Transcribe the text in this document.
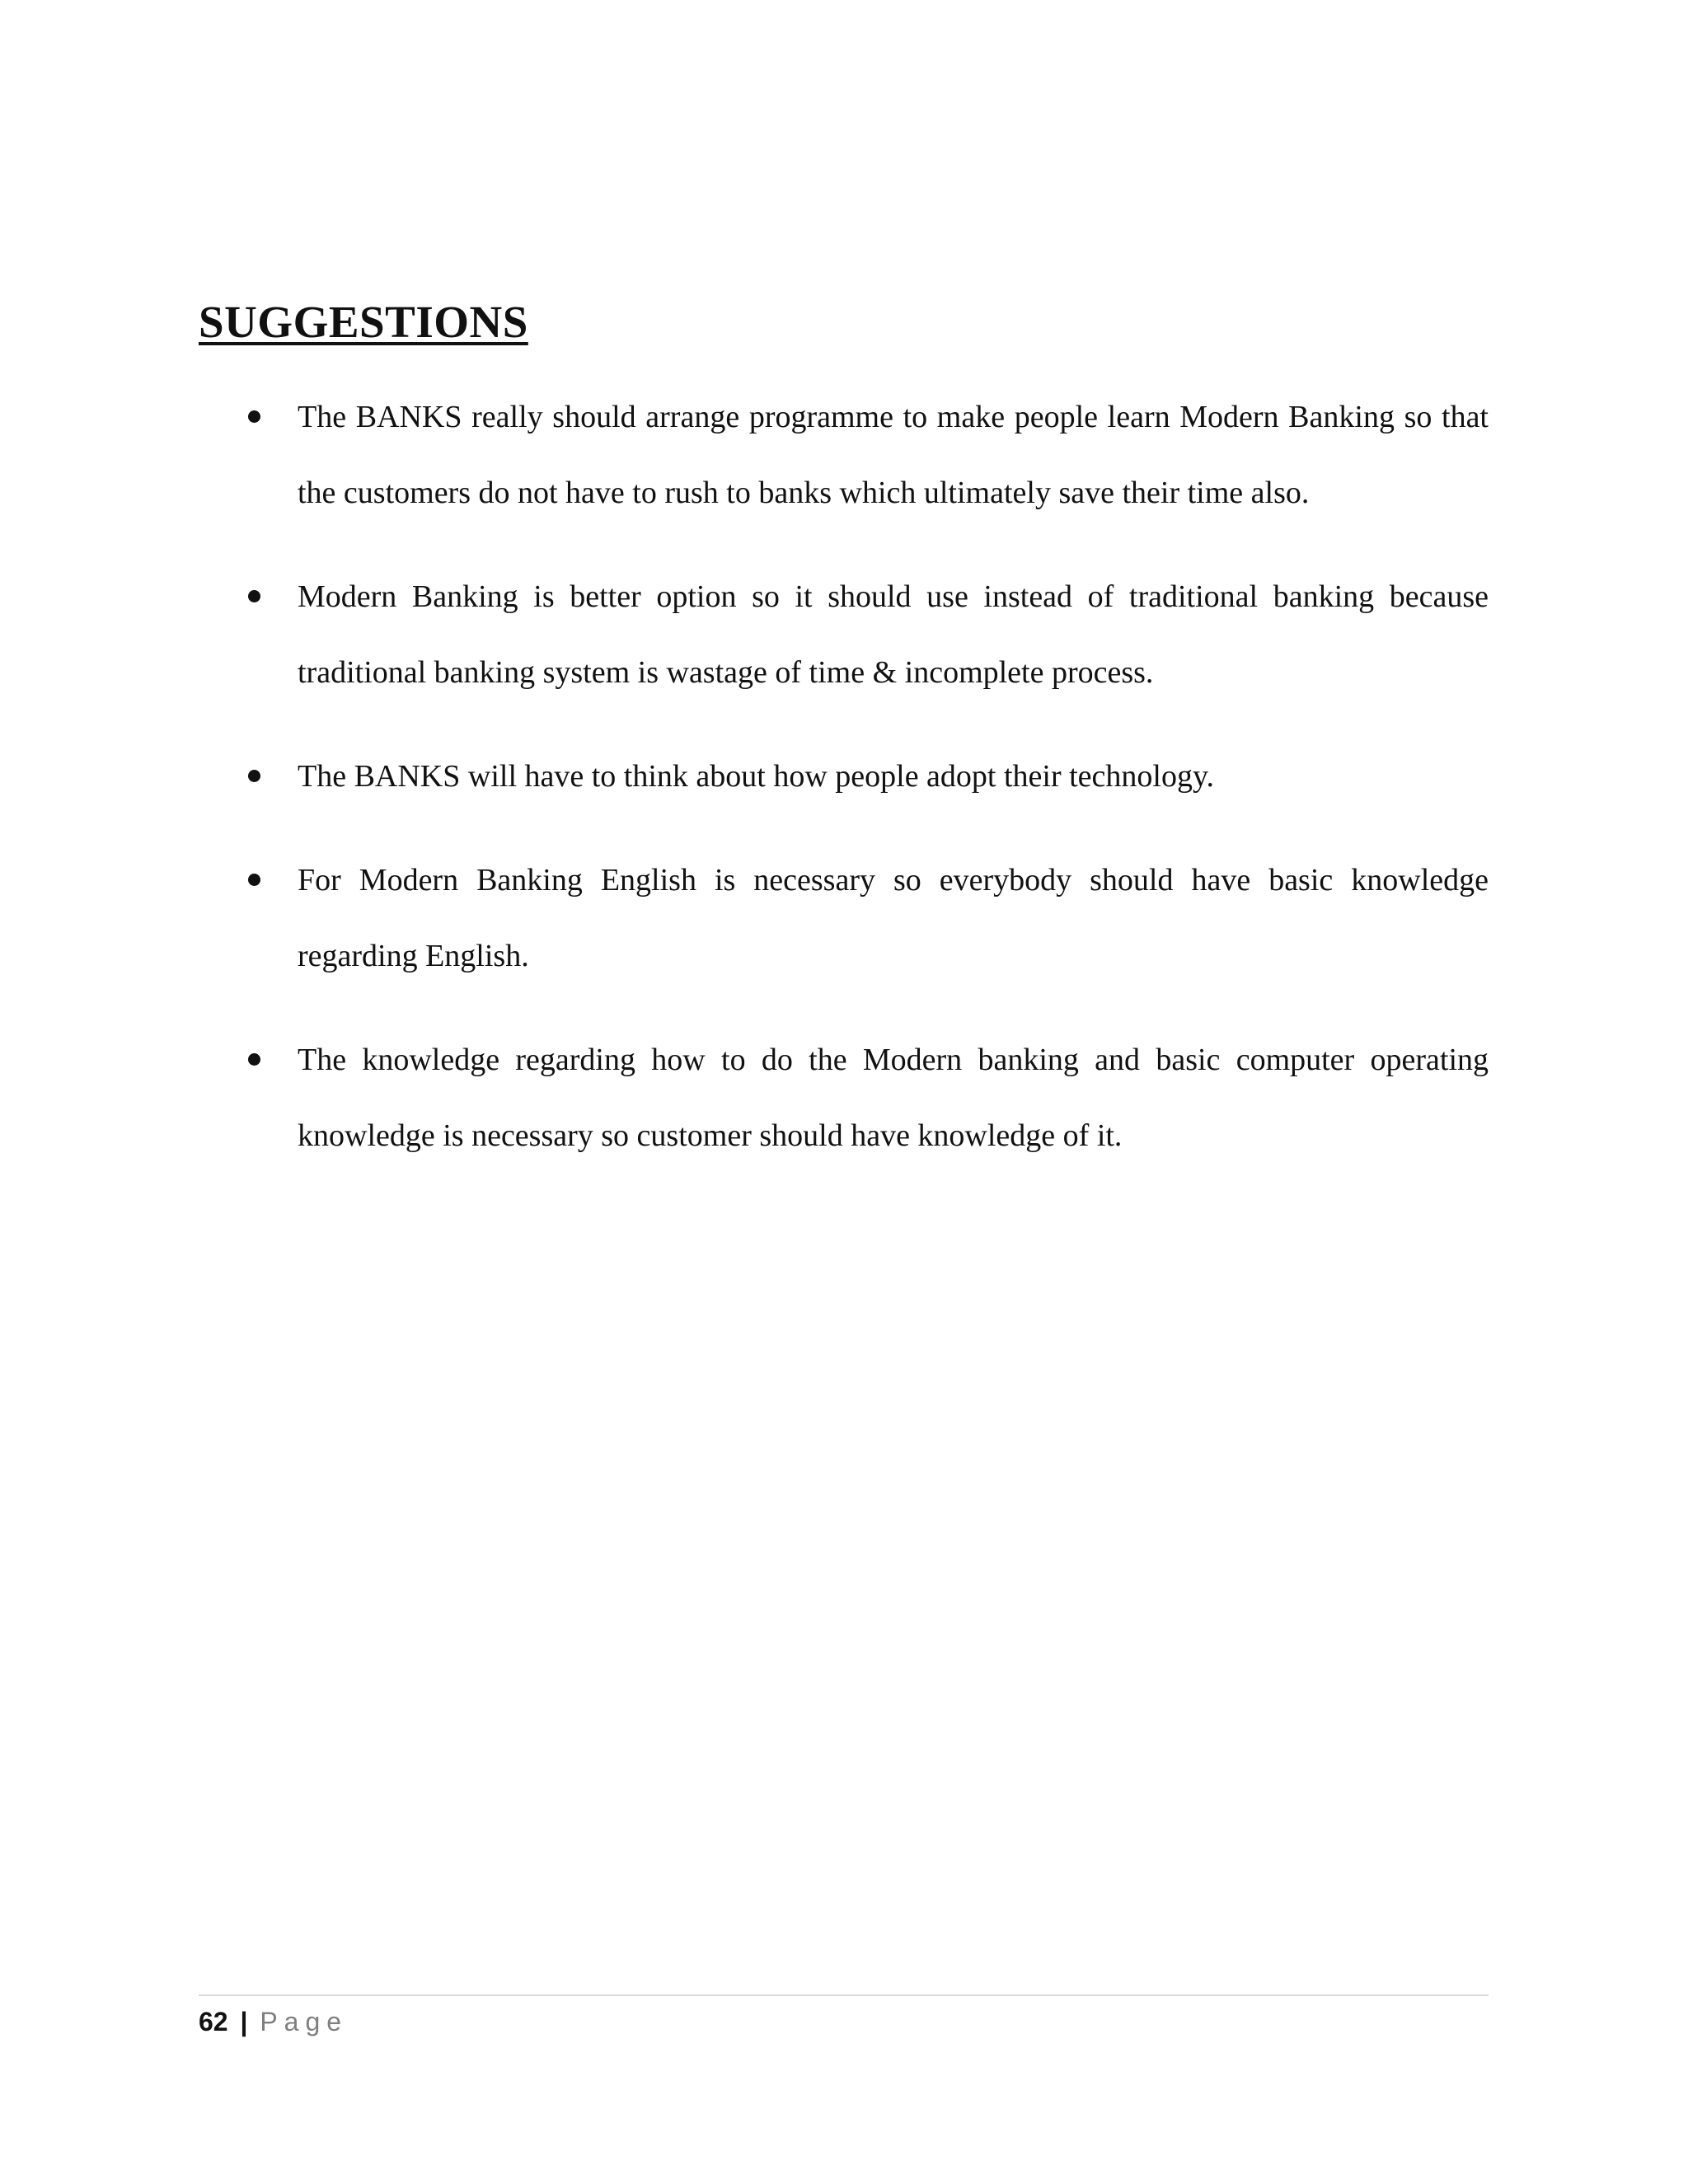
SUGGESTIONS
The BANKS really should arrange programme to make people learn Modern Banking so that the customers do not have to rush to banks which ultimately save their time also.
Modern Banking is better option so it should use instead of traditional banking because traditional banking system is wastage of time & incomplete process.
The BANKS will have to think about how people adopt their technology.
For Modern Banking English is necessary so everybody should have basic knowledge regarding English.
The knowledge regarding how to do the Modern banking and basic computer operating knowledge is necessary so customer should have knowledge of it.
62 | Page
